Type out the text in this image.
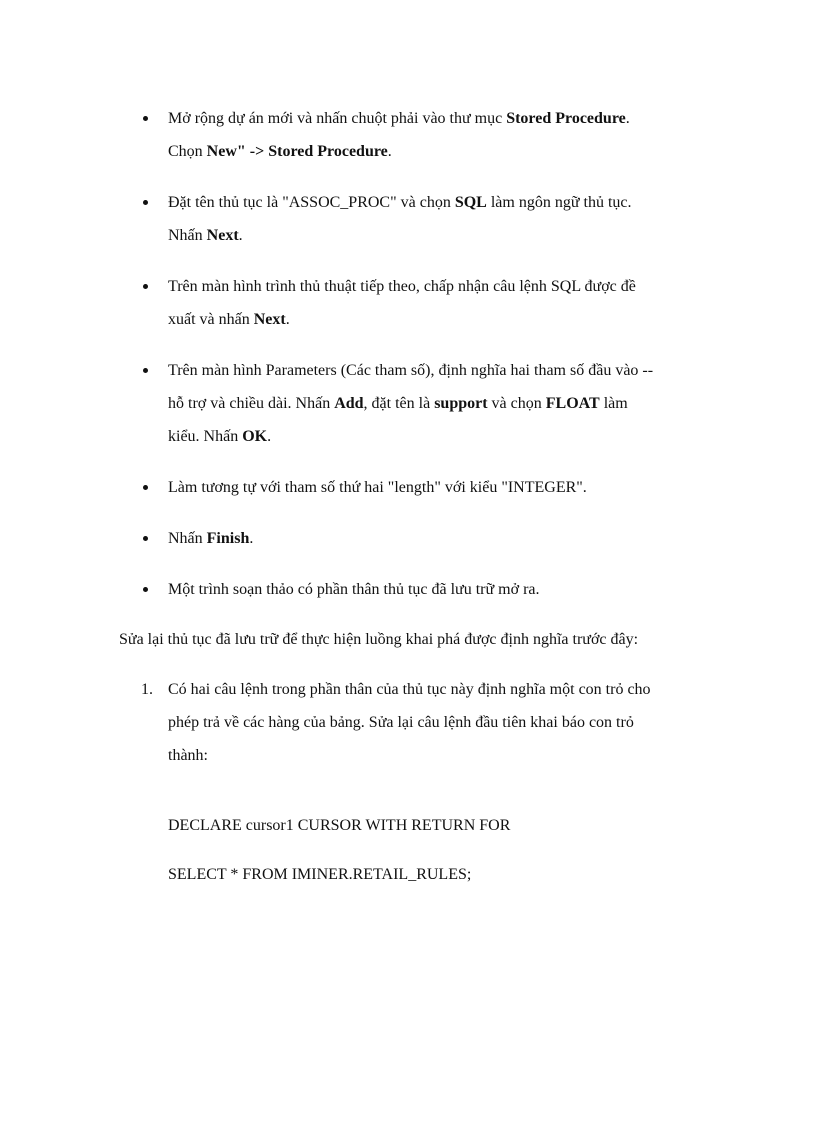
Mở rộng dự án mới và nhấn chuột phải vào thư mục Stored Procedure.
Chọn New" -> Stored Procedure.
Đặt tên thủ tục là "ASSOC_PROC" và chọn SQL làm ngôn ngữ thủ tục.
Nhấn Next.
Trên màn hình trình thủ thuật tiếp theo, chấp nhận câu lệnh SQL được đề
xuất và nhấn Next.
Trên màn hình Parameters (Các tham số), định nghĩa hai tham số đầu vào --
hỗ trợ và chiều dài. Nhấn Add, đặt tên là support và chọn FLOAT làm
kiểu. Nhấn OK.
Làm tương tự với tham số thứ hai "length" với kiểu "INTEGER".
Nhấn Finish.
Một trình soạn thảo có phần thân thủ tục đã lưu trữ mở ra.

Sửa lại thủ tục đã lưu trữ để thực hiện luồng khai phá được định nghĩa trước đây:

1. Có hai câu lệnh trong phần thân của thủ tục này định nghĩa một con trỏ cho
phép trả về các hàng của bảng. Sửa lại câu lệnh đầu tiên khai báo con trỏ
thành:
DECLARE cursor1 CURSOR WITH RETURN FOR
SELECT * FROM IMINER.RETAIL_RULES;
